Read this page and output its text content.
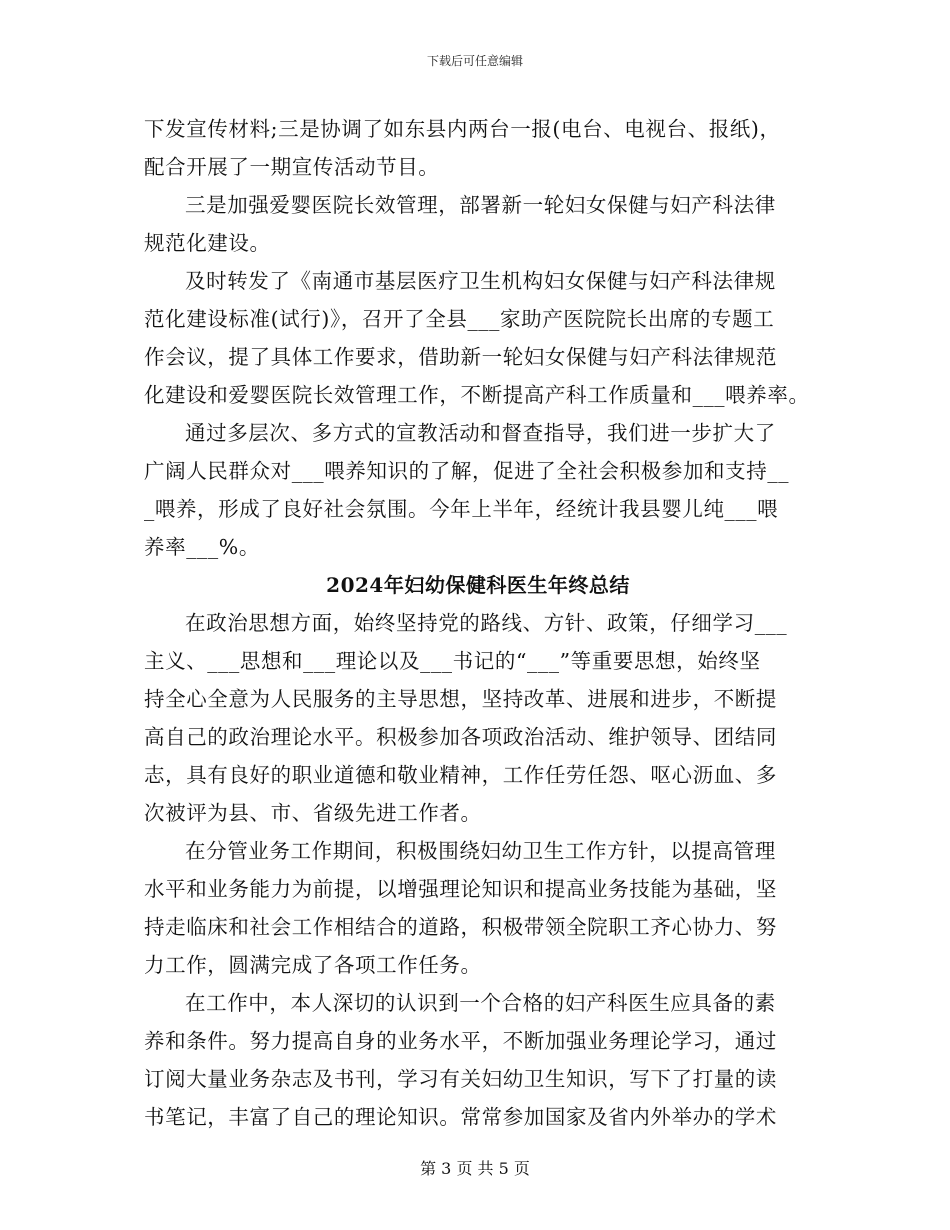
下载后可任意编辑
下发宣传材料;三是协调了如东县内两台一报(电台、电视台、报纸)，
配合开展了一期宣传活动节目。
三是加强爱婴医院长效管理，部署新一轮妇女保健与妇产科法律
规范化建设。
及时转发了《南通市基层医疗卫生机构妇女保健与妇产科法律规
范化建设标准(试行)》，召开了全县___家助产医院院长出席的专题工
作会议，提了具体工作要求，借助新一轮妇女保健与妇产科法律规范
化建设和爱婴医院长效管理工作，不断提高产科工作质量和___喂养率。
通过多层次、多方式的宣教活动和督查指导，我们进一步扩大了
广阔人民群众对___喂养知识的了解，促进了全社会积极参加和支持__
_喂养，形成了良好社会氛围。今年上半年，经统计我县婴儿纯___喂
养率___%。
2024年妇幼保健科医生年终总结
在政治思想方面，始终坚持党的路线、方针、政策，仔细学习___
主义、___思想和___理论以及___书记的“___”等重要思想，始终坚
持全心全意为人民服务的主导思想，坚持改革、进展和进步，不断提
高自己的政治理论水平。积极参加各项政治活动、维护领导、团结同
志，具有良好的职业道德和敬业精神，工作任劳任怨、呕心沥血、多
次被评为县、市、省级先进工作者。
在分管业务工作期间，积极围绕妇幼卫生工作方针，以提高管理
水平和业务能力为前提，以增强理论知识和提高业务技能为基础，坚
持走临床和社会工作相结合的道路，积极带领全院职工齐心协力、努
力工作，圆满完成了各项工作任务。
在工作中，本人深切的认识到一个合格的妇产科医生应具备的素
养和条件。努力提高自身的业务水平，不断加强业务理论学习，通过
订阅大量业务杂志及书刊，学习有关妇幼卫生知识，写下了打量的读
书笔记，丰富了自己的理论知识。常常参加国家及省内外举办的学术
第 3 页 共 5 页
